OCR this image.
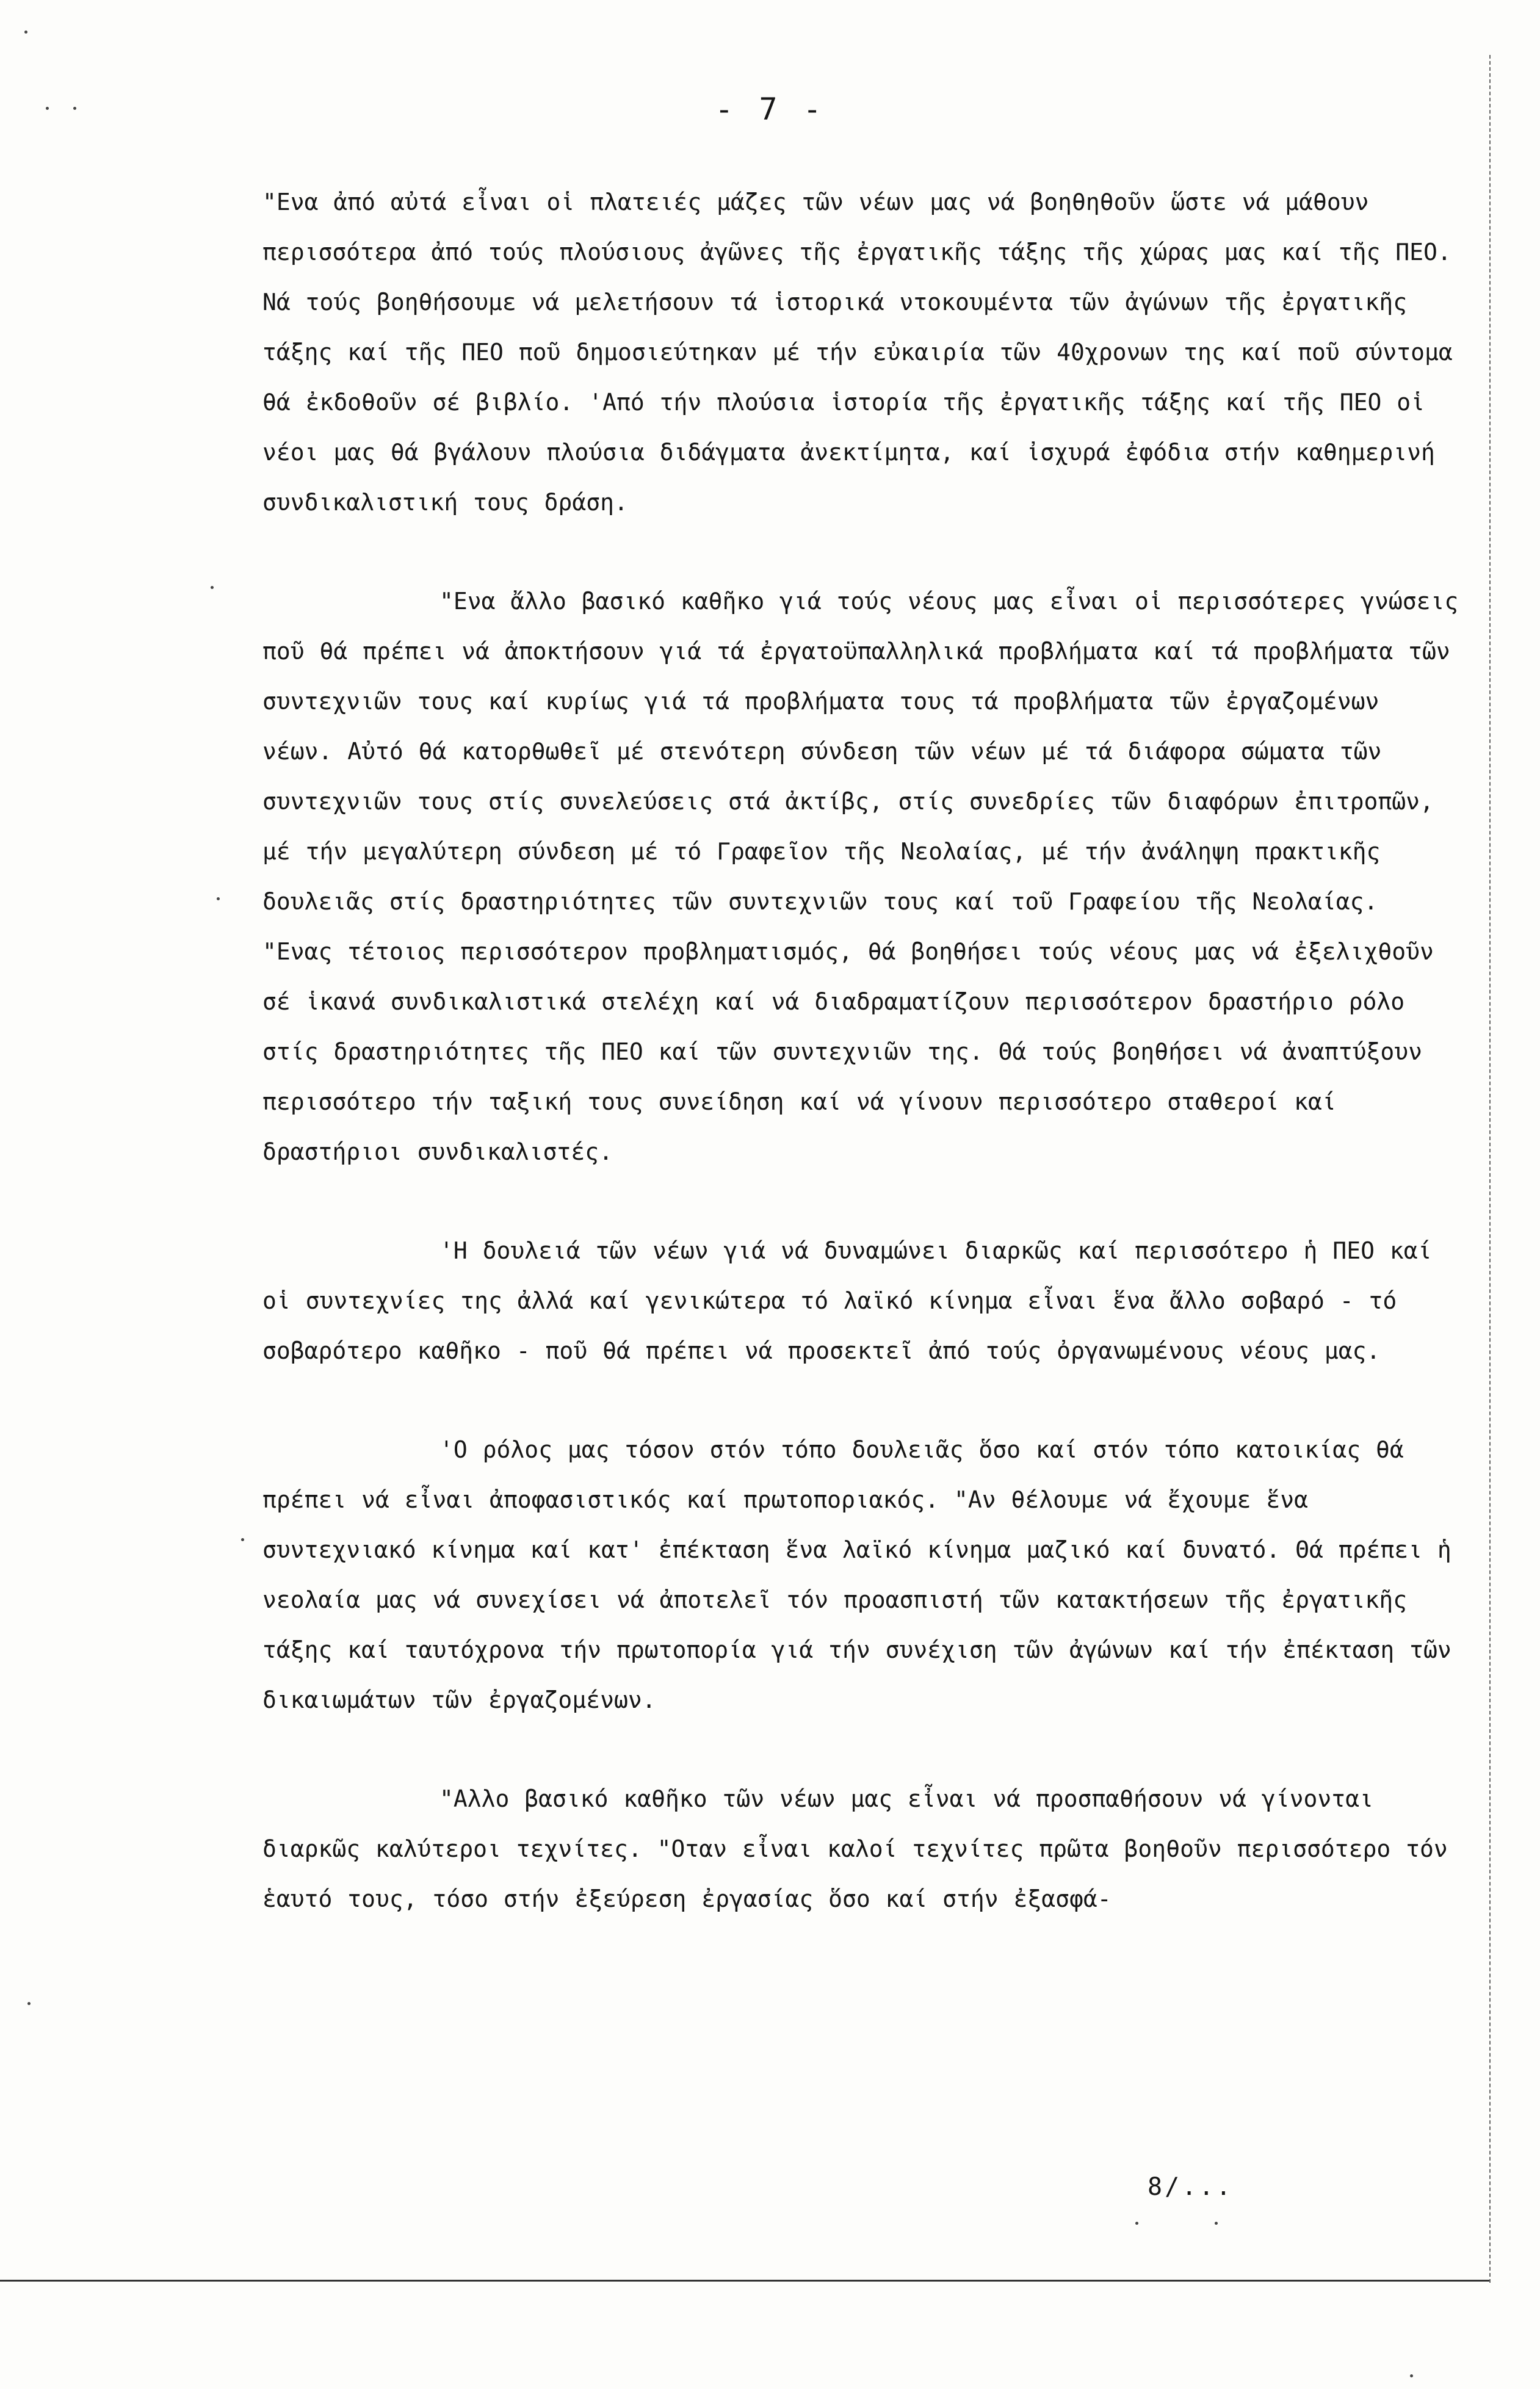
- 7 -

"Ενα ἀπό αὐτά εἶναι οἱ πλατειές μάζες τῶν νέων μας νά βοηθηθοῦν ὥστε νά μάθουν περισσότερα ἀπό τούς πλούσιους ἀγῶνες τῆς ἐργατικῆς τάξης τῆς χώρας μας καί τῆς ΠΕΟ. Νά τούς βοηθήσουμε νά μελετήσουν τά ἱστορικά ντοκουμέντα τῶν ἀγώνων τῆς ἐργατικῆς τάξης καί τῆς ΠΕΟ ποῦ δημοσιεύτηκαν μέ τήν εὐκαιρία τῶν 40χρονων της καί ποῦ σύντομα θά ἐκδοθοῦν σέ βιβλίο. 'Από τήν πλούσια ἱστορία τῆς ἐργατικῆς τάξης καί τῆς ΠΕΟ οἱ νέοι μας θά βγάλουν πλούσια διδάγματα ἀνεκτίμητα, καί ἰσχυρά ἐφόδια στήν καθημερινή συνδικαλιστική τους δράση.

"Ενα ἄλλο βασικό καθῆκο γιά τούς νέους μας εἶναι οἱ περισσότερες γνώσεις ποῦ θά πρέπει νά ἀποκτήσουν γιά τά ἐργατοϋπαλληλικά προβλήματα καί τά προβλήματα τῶν συντεχνιῶν τους καί κυρίως γιά τά προβλήματα τους τά προβλήματα τῶν ἐργαζομένων νέων. Αὐτό θά κατορθωθεῖ μέ στενότερη σύνδεση τῶν νέων μέ τά διάφορα σώματα τῶν συντεχνιῶν τους στίς συνελεύσεις στά ἀκτίβς, στίς συνεδρίες τῶν διαφόρων ἐπιτροπῶν, μέ τήν μεγαλύτερη σύνδεση μέ τό Γραφεῖον τῆς Νεολαίας, μέ τήν ἀνάληψη πρακτικῆς δουλειᾶς στίς δραστηριότητες τῶν συντεχνιῶν τους καί τοῦ Γραφείου τῆς Νεολαίας. "Ενας τέτοιος περισσότερον προβληματισμός, θά βοηθήσει τούς νέους μας νά ἐξελιχθοῦν σέ ἱκανά συνδικαλιστικά στελέχη καί νά διαδραματίζουν περισσότερον δραστήριο ρόλο στίς δραστηριότητες τῆς ΠΕΟ καί τῶν συντεχνιῶν της. Θά τούς βοηθήσει νά ἀναπτύξουν περισσότερο τήν ταξική τους συνείδηση καί νά γίνουν περισσότερο σταθεροί καί δραστήριοι συνδικαλιστές.

'Η δουλειά τῶν νέων γιά νά δυναμώνει διαρκῶς καί περισσότερο ἡ ΠΕΟ καί οἱ συντεχνίες της ἀλλά καί γενικώτερα τό λαϊκό κίνημα εἶναι ἕνα ἄλλο σοβαρό - τό σοβαρότερο καθῆκο - ποῦ θά πρέπει νά προσεκτεῖ ἀπό τούς ὀργανωμένους νέους μας.

'Ο ρόλος μας τόσον στόν τόπο δουλειᾶς ὅσο καί στόν τόπο κατοικίας θά πρέπει νά εἶναι ἀποφασιστικός καί πρωτοποριακός. "Αν θέλουμε νά ἔχουμε ἕνα συντεχνιακό κίνημα καί κατ' ἐπέκταση ἕνα λαϊκό κίνημα μαζικό καί δυνατό. Θά πρέπει ἡ νεολαία μας νά συνεχίσει νά ἀποτελεῖ τόν προασπιστή τῶν κατακτήσεων τῆς ἐργατικῆς τάξης καί ταυτόχρονα τήν πρωτοπορία γιά τήν συνέχιση τῶν ἀγώνων καί τήν ἐπέκταση τῶν δικαιωμάτων τῶν ἐργαζομένων.

"Αλλο βασικό καθῆκο τῶν νέων μας εἶναι νά προσπαθήσουν νά γίνονται διαρκῶς καλύτεροι τεχνίτες. "Οταν εἶναι καλοί τεχνίτες πρῶτα βοηθοῦν περισσότερο τόν ἑαυτό τους, τόσο στήν ἐξεύρεση ἐργασίας ὅσο καί στήν ἐξασφά-

8/...
